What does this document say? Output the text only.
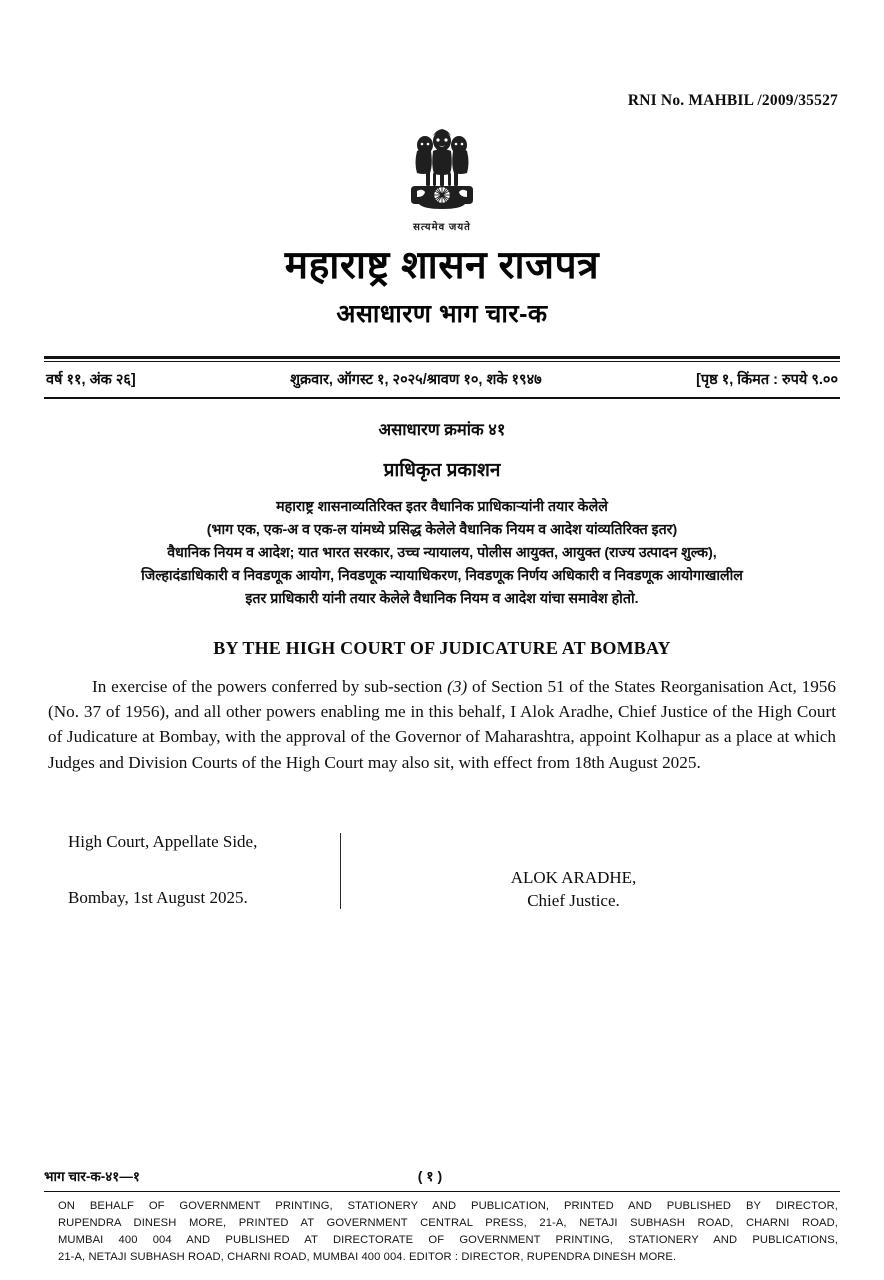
RNI No. MAHBIL /2009/35527
सत्यमेव जयते
महाराष्ट्र शासन राजपत्र
असाधारण भाग चार-क
वर्ष ११, अंक २६]	शुक्रवार, ऑगस्ट १, २०२५/श्रावण १०, शके १९४७	[पृष्ठ १, किंमत : रुपये ९.००
असाधारण क्रमांक ४१
प्राधिकृत प्रकाशन
महाराष्ट्र शासनाव्यतिरिक्त इतर वैधानिक प्राधिकाऱ्यांनी तयार केलेले
(भाग एक, एक-अ व एक-ल यांमध्ये प्रसिद्ध केलेले वैधानिक नियम व आदेश यांव्यतिरिक्त इतर)
वैधानिक नियम व आदेश; यात भारत सरकार, उच्च न्यायालय, पोलीस आयुक्त, आयुक्त (राज्य उत्पादन शुल्क),
जिल्हादंडाधिकारी व निवडणूक आयोग, निवडणूक न्यायाधिकरण, निवडणूक निर्णय अधिकारी व निवडणूक आयोगाखालील
इतर प्राधिकारी यांनी तयार केलेले वैधानिक नियम व आदेश यांचा समावेश होतो.
BY THE HIGH COURT OF JUDICATURE AT BOMBAY

In exercise of the powers conferred by sub-section (3) of Section 51 of the States Reorganisation Act, 1956 (No. 37 of 1956), and all other powers enabling me in this behalf, I Alok Aradhe, Chief Justice of the High Court of Judicature at Bombay, with the approval of the Governor of Maharashtra, appoint Kolhapur as a place at which Judges and Division Courts of the High Court may also sit, with effect from 18th August 2025.

High Court, Appellate Side,
Bombay, 1st August 2025.
ALOK ARADHE,
Chief Justice.
भाग चार-क-४१—१	( १ )
ON BEHALF OF GOVERNMENT PRINTING, STATIONERY AND PUBLICATION, PRINTED AND PUBLISHED BY DIRECTOR,
RUPENDRA DINESH MORE, PRINTED AT GOVERNMENT CENTRAL PRESS, 21-A, NETAJI SUBHASH ROAD, CHARNI ROAD,
MUMBAI 400 004 AND PUBLISHED AT DIRECTORATE OF GOVERNMENT PRINTING, STATIONERY AND PUBLICATIONS,
21-A, NETAJI SUBHASH ROAD, CHARNI ROAD, MUMBAI 400 004. EDITOR : DIRECTOR, RUPENDRA DINESH MORE.
